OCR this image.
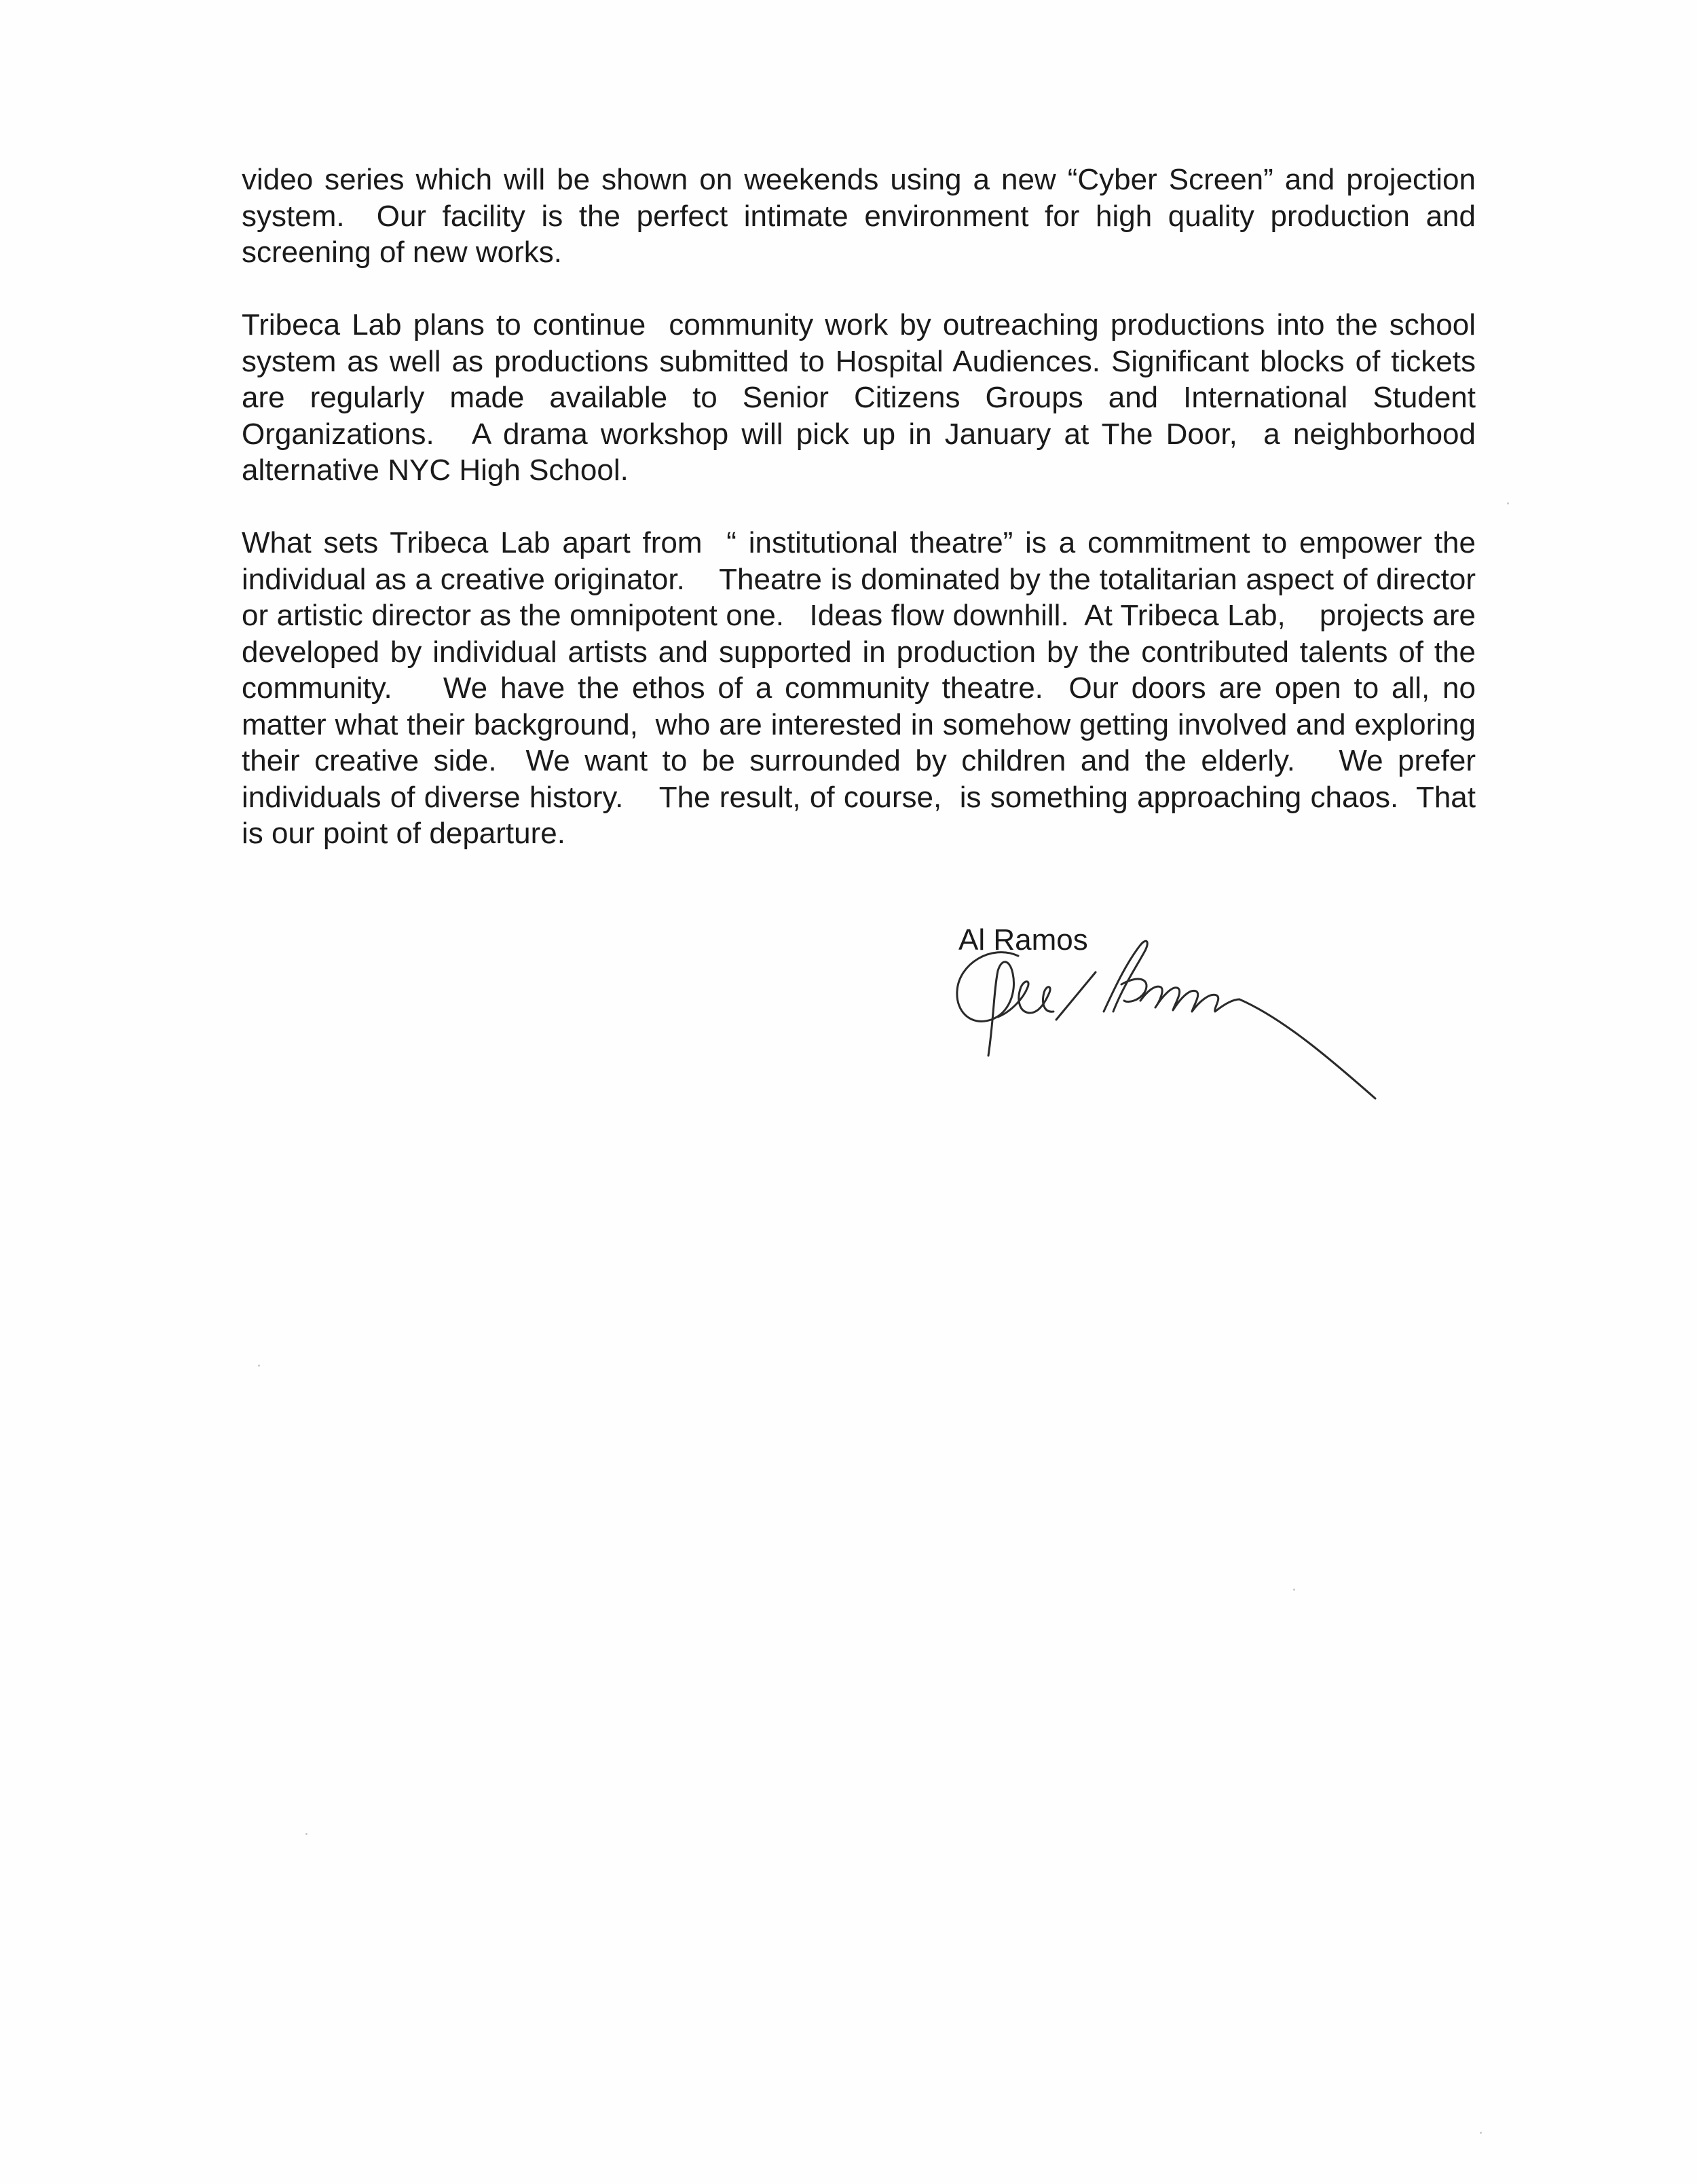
video series which will be shown on weekends using a new “Cyber Screen” and projection system.  Our facility is the perfect intimate environment for high quality production and screening of new works.

Tribeca Lab plans to continue  community work by outreaching productions into the school system as well as productions submitted to Hospital Audiences. Significant blocks of tickets are regularly made available to Senior Citizens Groups and International Student Organizations.   A drama workshop will pick up in January at The Door,  a neighborhood alternative NYC High School.

What sets Tribeca Lab apart from  “ institutional theatre” is a commitment to empower the individual as a creative originator.    Theatre is dominated by the totalitarian aspect of director or artistic director as the omnipotent one.   Ideas flow downhill.  At Tribeca Lab,    projects are developed by individual artists and supported in production by the contributed talents of the community.    We have the ethos of a community theatre.  Our doors are open to all, no matter what their background,  who are interested in somehow getting involved and exploring their creative side.  We want to be surrounded by children and the elderly.   We prefer individuals of diverse history.    The result, of course,  is something approaching chaos.  That is our point of departure.

Al Ramos
